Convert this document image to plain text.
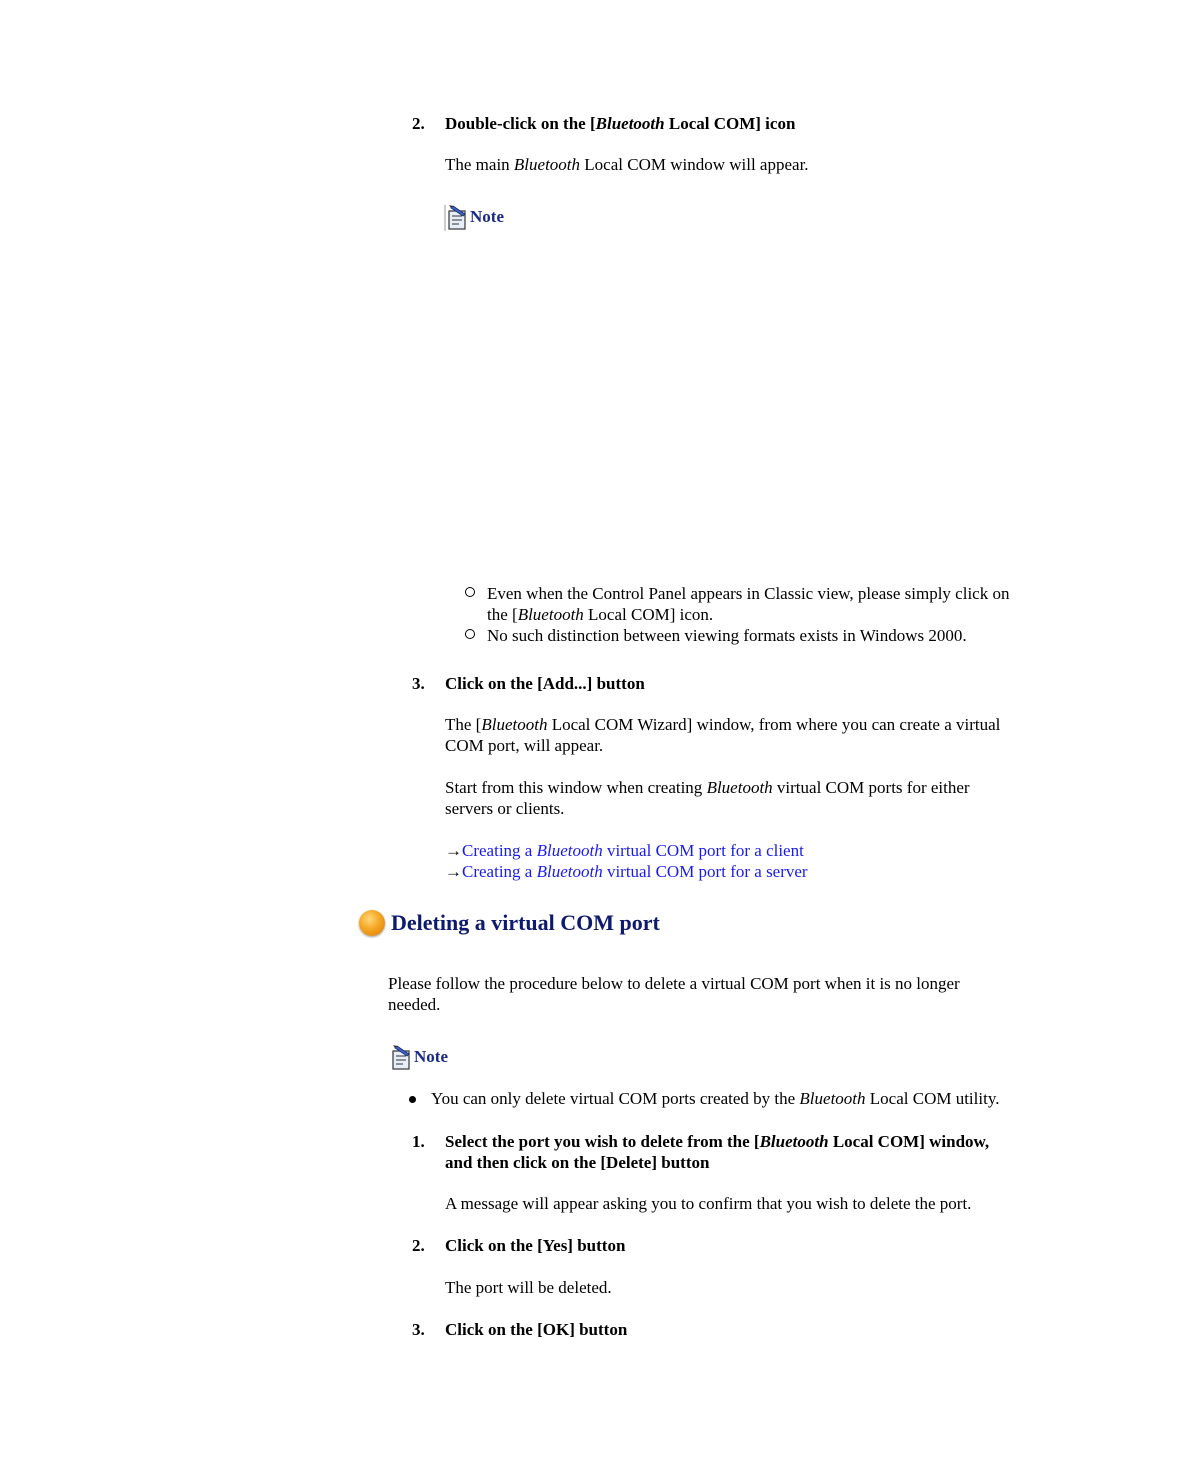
2. Double-click on the [Bluetooth Local COM] icon
The main Bluetooth Local COM window will appear.
Note
Even when the Control Panel appears in Classic view, please simply click on
the [Bluetooth Local COM] icon.
No such distinction between viewing formats exists in Windows 2000.
3. Click on the [Add...] button
The [Bluetooth Local COM Wizard] window, from where you can create a virtual
COM port, will appear.
Start from this window when creating Bluetooth virtual COM ports for either
servers or clients.
→Creating a Bluetooth virtual COM port for a client
→Creating a Bluetooth virtual COM port for a server
Deleting a virtual COM port
Please follow the procedure below to delete a virtual COM port when it is no longer
needed.
Note
You can only delete virtual COM ports created by the Bluetooth Local COM utility.
1. Select the port you wish to delete from the [Bluetooth Local COM] window,
and then click on the [Delete] button
A message will appear asking you to confirm that you wish to delete the port.
2. Click on the [Yes] button
The port will be deleted.
3. Click on the [OK] button
